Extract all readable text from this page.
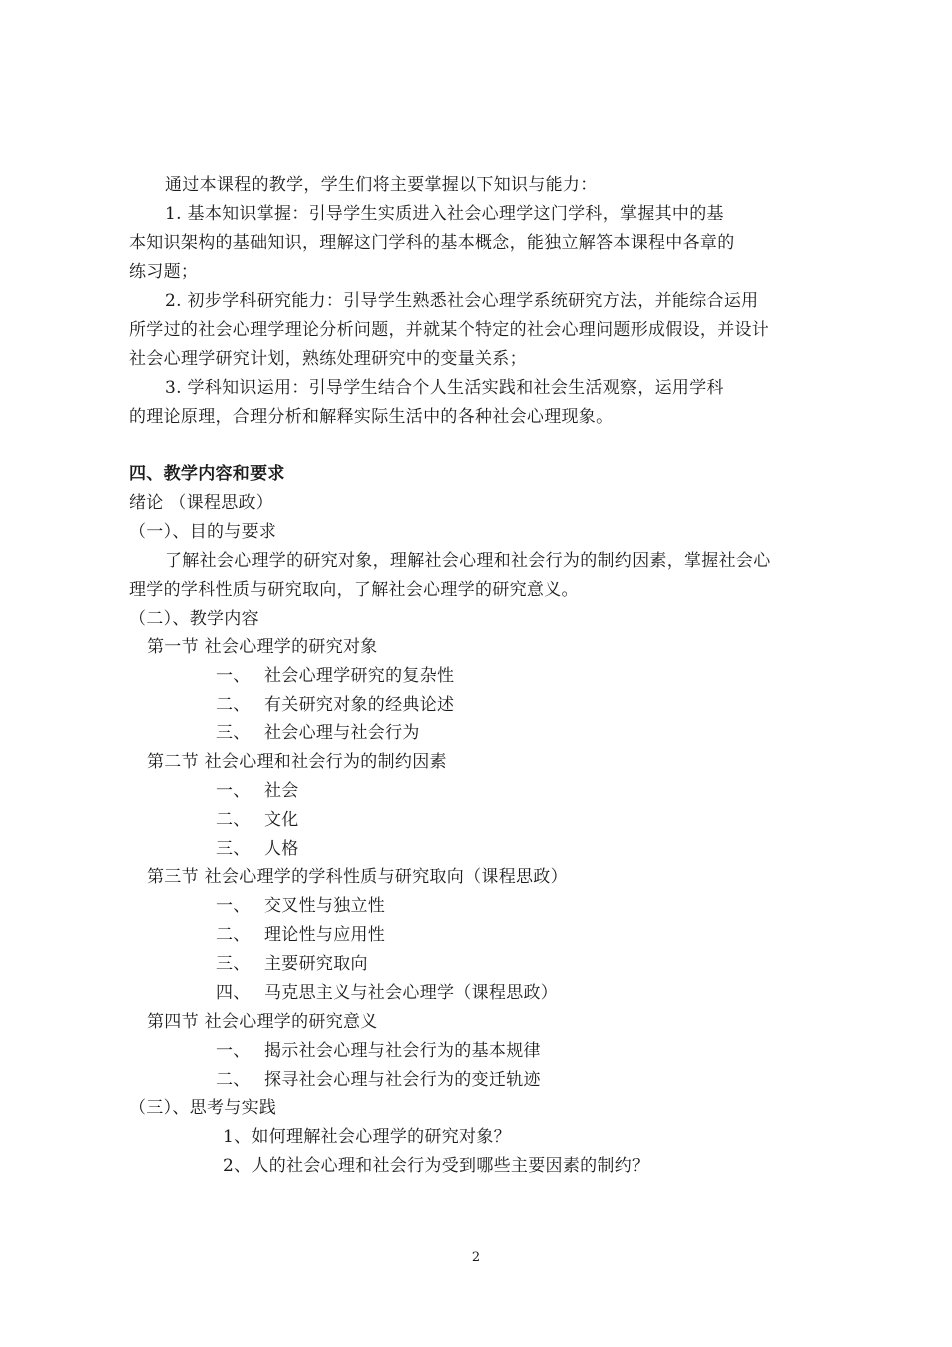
通过本课程的教学，学生们将主要掌握以下知识与能力：
1. 基本知识掌握：引导学生实质进入社会心理学这门学科，掌握其中的基
本知识架构的基础知识，理解这门学科的基本概念，能独立解答本课程中各章的
练习题；
2. 初步学科研究能力：引导学生熟悉社会心理学系统研究方法，并能综合运用
所学过的社会心理学理论分析问题，并就某个特定的社会心理问题形成假设，并设计
社会心理学研究计划，熟练处理研究中的变量关系；
3. 学科知识运用：引导学生结合个人生活实践和社会生活观察，运用学科
的理论原理，合理分析和解释实际生活中的各种社会心理现象。
四、教学内容和要求
绪论 （课程思政）
（一）、目的与要求
了解社会心理学的研究对象，理解社会心理和社会行为的制约因素，掌握社会心
理学的学科性质与研究取向，了解社会心理学的研究意义。
（二）、教学内容
第一节 社会心理学的研究对象
一、 社会心理学研究的复杂性
二、 有关研究对象的经典论述
三、 社会心理与社会行为
第二节 社会心理和社会行为的制约因素
一、 社会
二、 文化
三、 人格
第三节 社会心理学的学科性质与研究取向（课程思政）
一、 交叉性与独立性
二、 理论性与应用性
三、 主要研究取向
四、 马克思主义与社会心理学（课程思政）
第四节 社会心理学的研究意义
一、 揭示社会心理与社会行为的基本规律
二、 探寻社会心理与社会行为的变迁轨迹
（三）、思考与实践
1、如何理解社会心理学的研究对象？
2、人的社会心理和社会行为受到哪些主要因素的制约？
2
